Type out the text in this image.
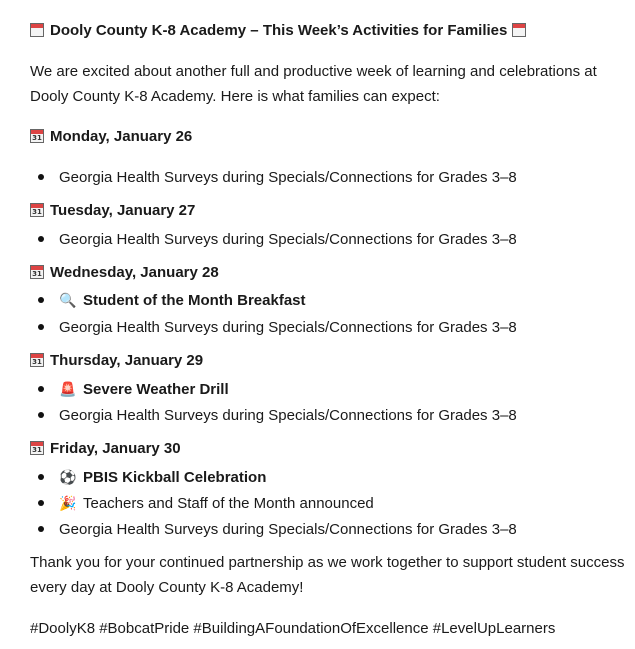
Dooly County K-8 Academy – This Week’s Activities for Families
We are excited about another full and productive week of learning and celebrations at
Dooly County K-8 Academy. Here is what families can expect:
31 Monday, January 26
Georgia Health Surveys during Specials/Connections for Grades 3–8
31 Tuesday, January 27
Georgia Health Surveys during Specials/Connections for Grades 3–8
31 Wednesday, January 28
🔍 Student of the Month Breakfast
Georgia Health Surveys during Specials/Connections for Grades 3–8
31 Thursday, January 29
🚨 Severe Weather Drill
Georgia Health Surveys during Specials/Connections for Grades 3–8
31 Friday, January 30
⚽ PBIS Kickball Celebration
🎉 Teachers and Staff of the Month announced
Georgia Health Surveys during Specials/Connections for Grades 3–8
Thank you for your continued partnership as we work together to support student success
every day at Dooly County K-8 Academy!
#DoolyK8 #BobcatPride #BuildingAFoundationOfExcellence #LevelUpLearners
